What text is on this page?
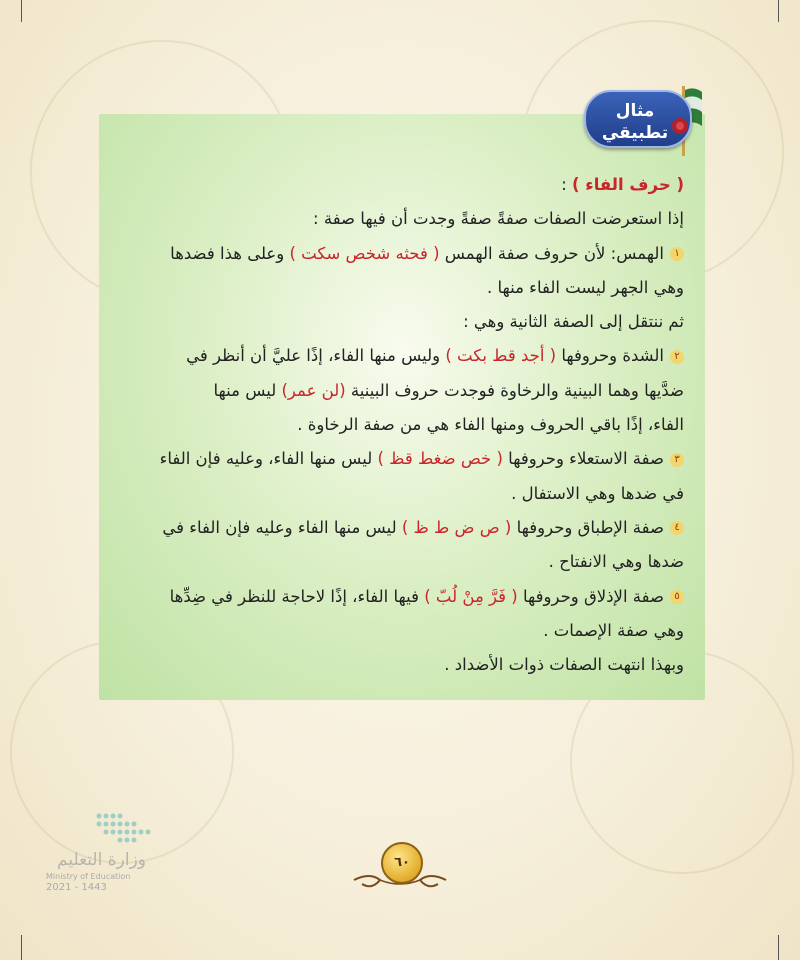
مثال
تطبيقي
( حرف الفاء ) :
إذا استعرضت الصفات صفةً صفةً وجدت أن فيها صفة :
١الهمس: لأن حروف صفة الهمس ( فحثه شخص سكت ) وعلى هذا فضدها
وهي الجهر ليست الفاء منها .
ثم ننتقل إلى الصفة الثانية وهي :
٢الشدة وحروفها ( أجد قط بكت ) وليس منها الفاء، إذًا عليَّ أن أنظر في
ضدَّيها وهما البينية والرخاوة فوجدت حروف البينية (لن عمر) ليس منها
الفاء، إذًا باقي الحروف ومنها الفاء هي من صفة الرخاوة .
٣صفة الاستعلاء وحروفها ( خص ضغط قظ ) ليس منها الفاء، وعليه فإن الفاء
في ضدها وهي الاستفال .
٤صفة الإطباق وحروفها ( ص ض ط ظ ) ليس منها الفاء وعليه فإن الفاء في
ضدها وهي الانفتاح .
٥صفة الإذلاق وحروفها ( فَرَّ مِنْ لُبّ ) فيها الفاء، إذًا لاحاجة للنظر في ضِدِّها
وهي صفة الإصمات .
وبهذا انتهت الصفات ذوات الأضداد .
وزارة التعليم
Ministry of Education
2021 - 1443
٦٠
